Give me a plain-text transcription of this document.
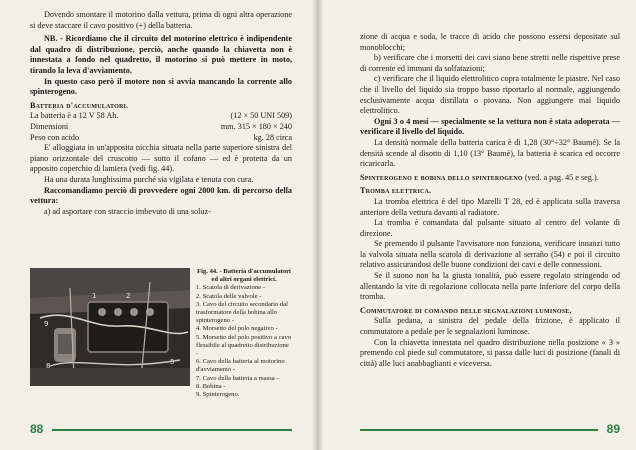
Dovendo smontare il motorino dalla vettura, prima di ogni altra operazione si deve staccare il cavo positivo (+) della batteria.

NB. - Ricordiamo che il circuito del motorino elettrico è indipendente dal quadro di distribuzione, perciò, anche quando la chiavetta non è innestata a fondo nel quadretto, il motorino si può mettere in moto, tirando la leva d'avviamento.

In questo caso però il motore non si avvia mancando la corrente allo spinterogeno.

Batteria d'accumulatori.

La batteria è a 12 V 58 Ah.	(12 × 50 UNI 509)
Dimensioni	mm. 315 × 180 × 240
Peso con acido	kg. 28 circa

E' alloggiata in un'apposita nicchia situata nella parte superiore sinistra del piano orizzontale del cruscotto — sotto il cofano — ed è protetta da un apposito coperchio di lamiera (vedi fig. 44).

Ha una durata lunghissima purché sia vigilata e tenuta con cura.

Raccomandiamo perciò di provvedere ogni 2000 km. di percorso della vettura:

a) ad asportare con straccio imbevuto di una soluz-

1	2
9
8	5
Fig. 44. - Batteria d'accumulatori ed altri organi elettrici.
1. Scatola di derivazione -
2. Scatola delle valvole -
3. Cavo del circuito secondario dal trasformatore della bobina allo spinterogeno -
4. Morsetto del polo negativo -
5. Morsetto del polo positivo a cavo flessibile al quadretto distribuzione -
6. Cavo della batteria al motorino d'avviamento -
7. Cavo della batteria a massa -
8. Bobina -
9. Spinterogeno.
88

zione di acqua e soda, le tracce di acido che possono essersi depositate sul monoblocchi;

b) verificare che i morsetti dei cavi siano bene stretti nelle rispettive prese di corrente ed immuni da solfatazioni;

c) verificare che il liquido elettrolitico copra totalmente le piastre. Nel caso che il livello del liquido sia troppo basso riportarlo al normale, aggiungendo esclusivamente acqua distillata o piovana. Non aggiungere mai liquido elettrolitico.

Ogni 3 o 4 mesi — specialmente se la vettura non è stata adoperata — verificare il livello del liquido.

La densità normale della batteria carica è di 1,28 (30°÷32° Baumè). Se la densità scende al disotto di 1,10 (13° Baumè), la batteria è scarica ed occorre ricaricarla.

Spinterogeno e bobina dello spinterogeno (ved. a pag. 45 e seg.).

Tromba elettrica.

La tromba elettrica è del tipo Marelli T 28, ed è applicata sulla traversa anteriore della vettura davanti al radiatore.

La tromba è comandata dal pulsante situato al centro del volante di direzione.

Se premendo il pulsante l'avvisatore non funziona, verificare innanzi tutto la valvola situata nella scatola di derivazione al serraño (54) e poi il circuito relativo assicurandosi delle buone condizioni dei cavi e delle connessioni.

Se il suono non ha la giusta tonalità, può essere regolato stringendo od allentando la vite di regolazione collocata nella parte inferiore del corpo della tromba.

Commutatore di comando delle segnalazioni luminose.

Sulla pedana, a sinistra del pedale della frizione, è applicato il commutatore a pedale per le segnalazioni luminose.

Con la chiavetta innestata nel quadro distribuzione nella posizione « 3 » premendo col piede sul commutatore, si passa dalle luci di posizione (fanali di città) alle luci anabbaglianti e viceversa.

89
